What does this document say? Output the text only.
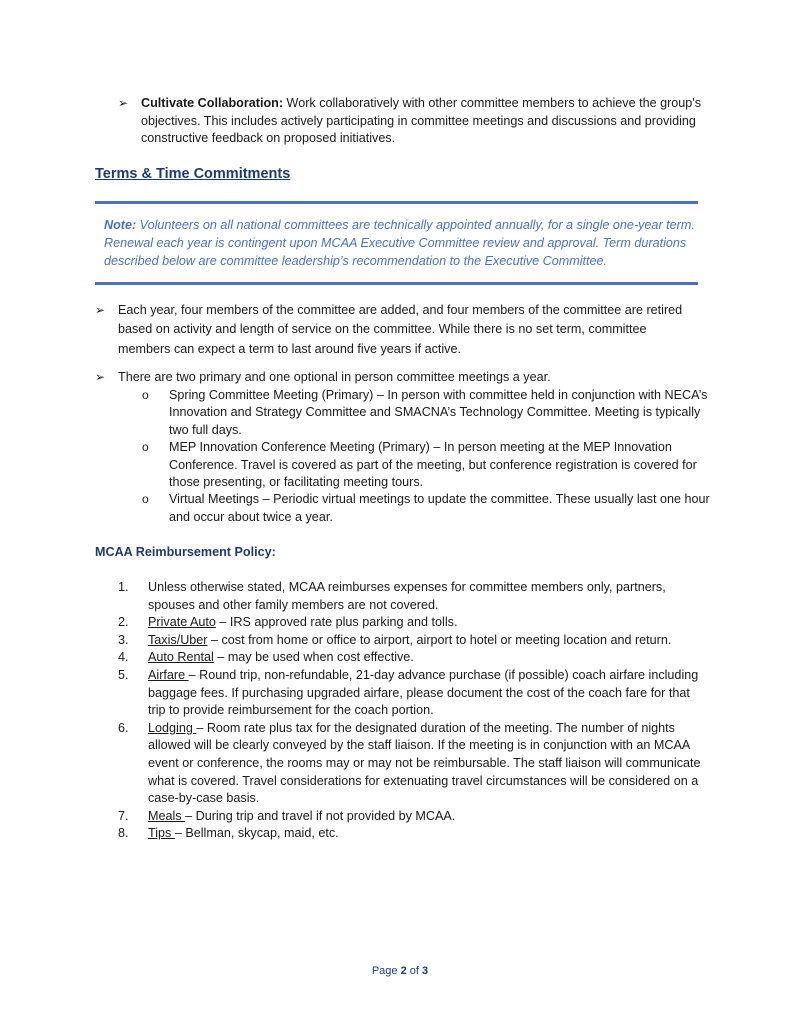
➢ Cultivate Collaboration: Work collaboratively with other committee members to achieve the group's objectives. This includes actively participating in committee meetings and discussions and providing constructive feedback on proposed initiatives.
Terms & Time Commitments
Note: Volunteers on all national committees are technically appointed annually, for a single one-year term. Renewal each year is contingent upon MCAA Executive Committee review and approval. Term durations described below are committee leadership’s recommendation to the Executive Committee.
➢ Each year, four members of the committee are added, and four members of the committee are retired based on activity and length of service on the committee. While there is no set term, committee members can expect a term to last around five years if active.
➢ There are two primary and one optional in person committee meetings a year.
o Spring Committee Meeting (Primary) – In person with committee held in conjunction with NECA’s Innovation and Strategy Committee and SMACNA’s Technology Committee. Meeting is typically two full days.
o MEP Innovation Conference Meeting (Primary) – In person meeting at the MEP Innovation Conference. Travel is covered as part of the meeting, but conference registration is covered for those presenting, or facilitating meeting tours.
o Virtual Meetings – Periodic virtual meetings to update the committee. These usually last one hour and occur about twice a year.
MCAA Reimbursement Policy:
1. Unless otherwise stated, MCAA reimburses expenses for committee members only, partners, spouses and other family members are not covered.
2. Private Auto – IRS approved rate plus parking and tolls.
3. Taxis/Uber – cost from home or office to airport, airport to hotel or meeting location and return.
4. Auto Rental – may be used when cost effective.
5. Airfare – Round trip, non-refundable, 21-day advance purchase (if possible) coach airfare including baggage fees. If purchasing upgraded airfare, please document the cost of the coach fare for that trip to provide reimbursement for the coach portion.
6. Lodging – Room rate plus tax for the designated duration of the meeting. The number of nights allowed will be clearly conveyed by the staff liaison. If the meeting is in conjunction with an MCAA event or conference, the rooms may or may not be reimbursable. The staff liaison will communicate what is covered. Travel considerations for extenuating travel circumstances will be considered on a case-by-case basis.
7. Meals – During trip and travel if not provided by MCAA.
8. Tips – Bellman, skycap, maid, etc.
Page 2 of 3
